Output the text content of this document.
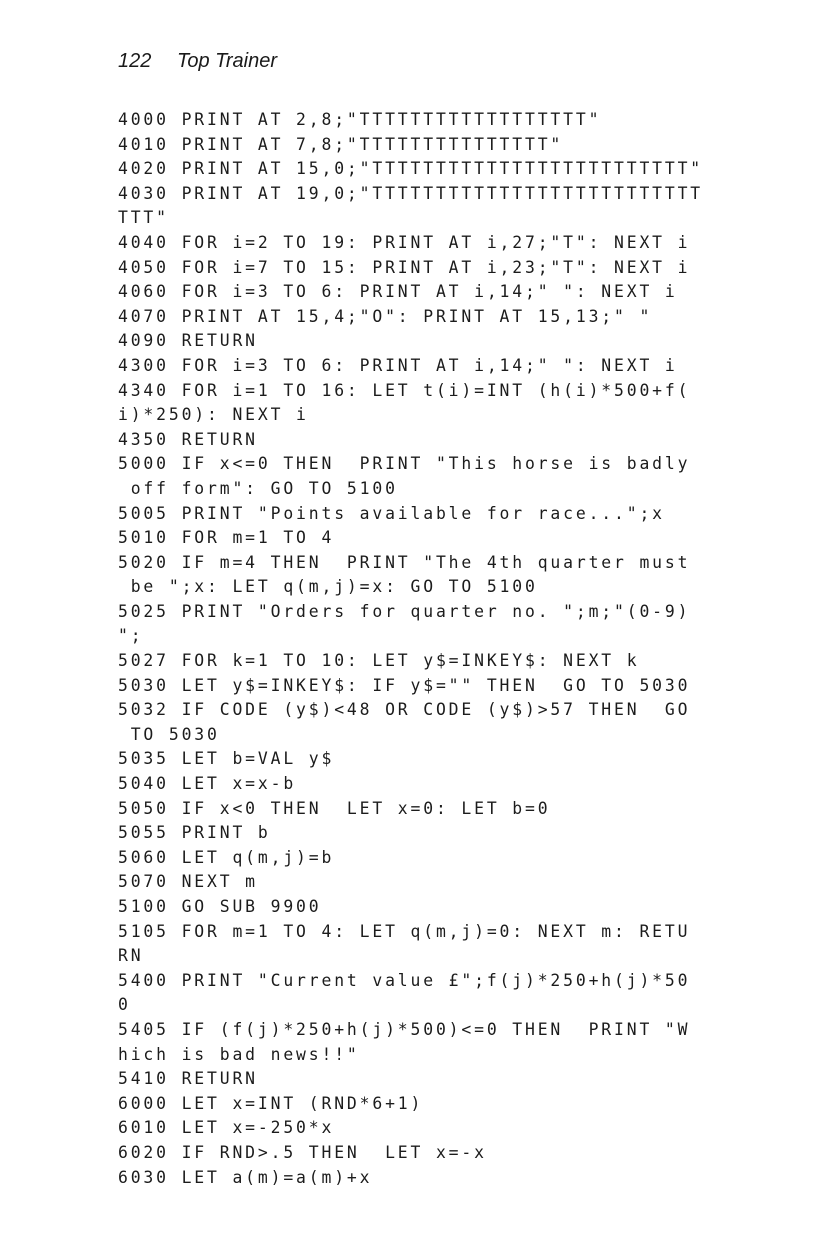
122 Top Trainer
4000 PRINT AT 2,8;"TTTTTTTTTTTTTTTTTT"
4010 PRINT AT 7,8;"TTTTTTTTTTTTTTT"
4020 PRINT AT 15,0;"TTTTTTTTTTTTTTTTTTTTTTTTT"
4030 PRINT AT 19,0;"TTTTTTTTTTTTTTTTTTTTTTTTTT
TTT"
4040 FOR i=2 TO 19: PRINT AT i,27;"T": NEXT i
4050 FOR i=7 TO 15: PRINT AT i,23;"T": NEXT i
4060 FOR i=3 TO 6: PRINT AT i,14;" ": NEXT i
4070 PRINT AT 15,4;"O": PRINT AT 15,13;" "
4090 RETURN
4300 FOR i=3 TO 6: PRINT AT i,14;" ": NEXT i
4340 FOR i=1 TO 16: LET t(i)=INT (h(i)*500+f(
i)*250): NEXT i
4350 RETURN
5000 IF x<=0 THEN  PRINT "This horse is badly
off form": GO TO 5100
5005 PRINT "Points available for race...";x
5010 FOR m=1 TO 4
5020 IF m=4 THEN  PRINT "The 4th quarter must
be ";x: LET q(m,j)=x: GO TO 5100
5025 PRINT "Orders for quarter no. ";m;"(0-9)
";
5027 FOR k=1 TO 10: LET y$=INKEY$: NEXT k
5030 LET y$=INKEY$: IF y$="" THEN  GO TO 5030
5032 IF CODE (y$)<48 OR CODE (y$)>57 THEN  GO
TO 5030
5035 LET b=VAL y$
5040 LET x=x-b
5050 IF x<0 THEN  LET x=0: LET b=0
5055 PRINT b
5060 LET q(m,j)=b
5070 NEXT m
5100 GO SUB 9900
5105 FOR m=1 TO 4: LET q(m,j)=0: NEXT m: RETU
RN
5400 PRINT "Current value £";f(j)*250+h(j)*50
0
5405 IF (f(j)*250+h(j)*500)<=0 THEN  PRINT "W
hich is bad news!!"
5410 RETURN
6000 LET x=INT (RND*6+1)
6010 LET x=-250*x
6020 IF RND>.5 THEN  LET x=-x
6030 LET a(m)=a(m)+x
